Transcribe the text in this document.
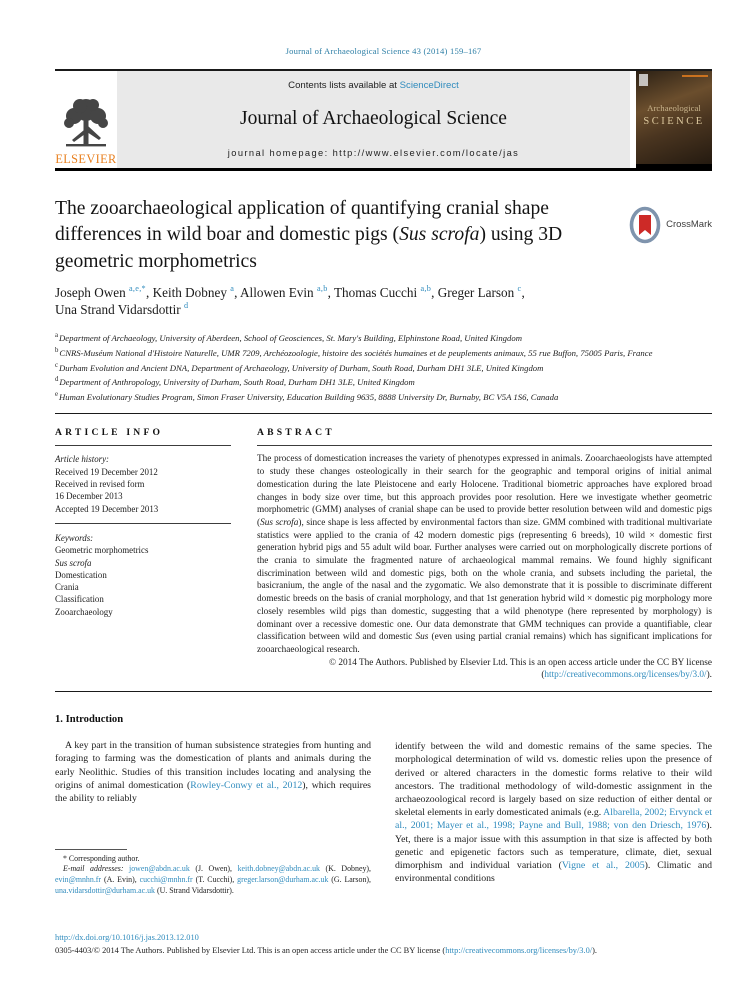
Journal of Archaeological Science 43 (2014) 159–167
ELSEVIER
Contents lists available at ScienceDirect
Journal of Archaeological Science
journal homepage: http://www.elsevier.com/locate/jas
Archaeological
SCIENCE
The zooarchaeological application of quantifying cranial shape differences in wild boar and domestic pigs (Sus scrofa) using 3D geometric morphometrics
CrossMark
Joseph Owen $^{a,e,*}$, Keith Dobney $^a$, Allowen Evin $^{a,b}$, Thomas Cucchi $^{a,b}$, Greger Larson $^c$,
Una Strand Vidarsdottir $^d$
$^a$Department of Archaeology, University of Aberdeen, School of Geosciences, St. Mary's Building, Elphinstone Road, United Kingdom
$^b$CNRS-Muséum National d'Histoire Naturelle, UMR 7209, Archéozoologie, histoire des sociétés humaines et de peuplements animaux, 55 rue Buffon, 75005 Paris, France
$^c$Durham Evolution and Ancient DNA, Department of Archaeology, University of Durham, South Road, Durham DH1 3LE, United Kingdom
$^d$Department of Anthropology, University of Durham, South Road, Durham DH1 3LE, United Kingdom
$^e$Human Evolutionary Studies Program, Simon Fraser University, Education Building 9635, 8888 University Dr, Burnaby, BC V5A 1S6, Canada
ARTICLE INFO
Article history:
Received 19 December 2012
Received in revised form
16 December 2013
Accepted 19 December 2013
Keywords:
Geometric morphometrics
Sus scrofa
Domestication
Crania
Classification
Zooarchaeology
ABSTRACT

The process of domestication increases the variety of phenotypes expressed in animals. Zooarchaeologists have attempted to study these changes osteologically in their search for the geographic and temporal origins of initial animal domestication during the late Pleistocene and early Holocene. Traditional biometric approaches have explored broad changes in body size over time, but this approach provides poor resolution. Here we investigate whether geometric morphometric (GMM) analyses of cranial shape can be used to provide better resolution between wild and domestic pigs (Sus scrofa), since shape is less affected by environmental factors than size. GMM combined with traditional multivariate statistics were applied to the crania of 42 modern domestic pigs (representing 6 breeds), 10 wild × domestic first generation hybrid pigs and 55 adult wild boar. Further analyses were carried out on morphologically discrete portions of the crania to simulate the fragmented nature of archaeological mammal remains. We found highly significant discrimination between wild and domestic pigs, both on the whole crania, and subsets including the parietal, the basicranium, the angle of the nasal and the zygomatic. We also demonstrate that it is possible to discriminate different domestic breeds on the basis of cranial morphology, and that 1st generation hybrid wild × domestic pig morphology more closely resembles wild pigs than domestic, suggesting that a wild phenotype (here represented by morphology) is dominant over a recessive domestic one. Our data demonstrate that GMM techniques can provide a quantifiable, clear classification between wild and domestic Sus (even using partial cranial remains) which has significant implications for zooarchaeological research.

© 2014 The Authors. Published by Elsevier Ltd. This is an open access article under the CC BY license
(http://creativecommons.org/licenses/by/3.0/).
1. Introduction

A key part in the transition of human subsistence strategies from hunting and foraging to farming was the domestication of plants and animals during the early Neolithic. Studies of this transition includes locating and analysing the origins of animal domestication (Rowley-Conwy et al., 2012), which requires the ability to reliably

* Corresponding author.

E-mail addresses: jowen@abdn.ac.uk (J. Owen), keith.dobney@abdn.ac.uk (K. Dobney), evin@mnhn.fr (A. Evin), cucchi@mnhn.fr (T. Cucchi), greger.larson@durham.ac.uk (G. Larson), una.vidarsdottir@durham.ac.uk (U. Strand Vidarsdottir).

identify between the wild and domestic remains of the same species. The morphological determination of wild vs. domestic relies upon the presence of derived or altered characters in the domestic forms relative to their wild ancestors. The traditional methodology of wild-domestic assignment in the archaeozoological record is largely based on size reduction of either dental or skeletal elements in early domesticated animals (e.g. Albarella, 2002; Ervynck et al., 2001; Mayer et al., 1998; Payne and Bull, 1988; von den Driesch, 1976). Yet, there is a major issue with this assumption in that size is affected by both genetic and epigenetic factors such as temperature, climate, diet, sexual dimorphism and individual variation (Vigne et al., 2005). Climatic and environmental conditions

http://dx.doi.org/10.1016/j.jas.2013.12.010
0305-4403/© 2014 The Authors. Published by Elsevier Ltd. This is an open access article under the CC BY license (http://creativecommons.org/licenses/by/3.0/).
